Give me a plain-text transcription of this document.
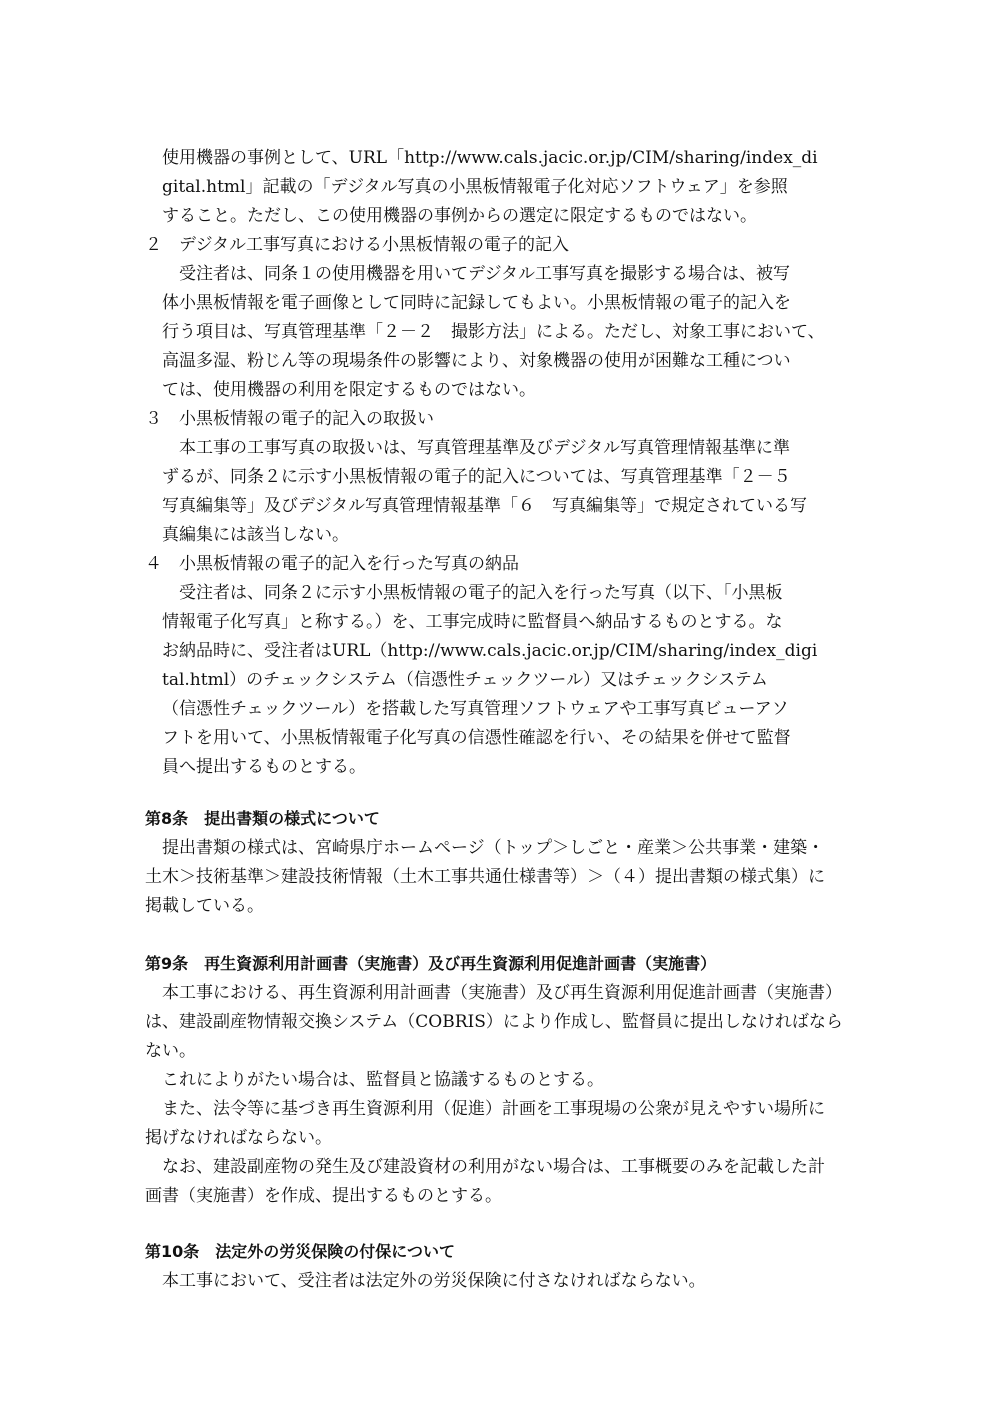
使用機器の事例として、URL「http://www.cals.jacic.or.jp/CIM/sharing/index_di
gital.html」記載の「デジタル写真の小黒板情報電子化対応ソフトウェア」を参照
すること。ただし、この使用機器の事例からの選定に限定するものではない。
２　デジタル工事写真における小黒板情報の電子的記入
受注者は、同条１の使用機器を用いてデジタル工事写真を撮影する場合は、被写
体小黒板情報を電子画像として同時に記録してもよい。小黒板情報の電子的記入を
行う項目は、写真管理基準「２－２　撮影方法」による。ただし、対象工事において、
高温多湿、粉じん等の現場条件の影響により、対象機器の使用が困難な工種につい
ては、使用機器の利用を限定するものではない。
３　小黒板情報の電子的記入の取扱い
本工事の工事写真の取扱いは、写真管理基準及びデジタル写真管理情報基準に準
ずるが、同条２に示す小黒板情報の電子的記入については、写真管理基準「２－５
写真編集等」及びデジタル写真管理情報基準「６　写真編集等」で規定されている写
真編集には該当しない。
４　小黒板情報の電子的記入を行った写真の納品
受注者は、同条２に示す小黒板情報の電子的記入を行った写真（以下、「小黒板
情報電子化写真」と称する。）を、工事完成時に監督員へ納品するものとする。な
お納品時に、受注者はURL（http://www.cals.jacic.or.jp/CIM/sharing/index_digi
tal.html）のチェックシステム（信憑性チェックツール）又はチェックシステム
（信憑性チェックツール）を搭載した写真管理ソフトウェアや工事写真ビューアソ
フトを用いて、小黒板情報電子化写真の信憑性確認を行い、その結果を併せて監督
員へ提出するものとする。
第8条　提出書類の様式について
提出書類の様式は、宮崎県庁ホームページ（トップ＞しごと・産業＞公共事業・建築・
土木＞技術基準＞建設技術情報（土木工事共通仕様書等）＞（４）提出書類の様式集）に
掲載している。
第9条　再生資源利用計画書（実施書）及び再生資源利用促進計画書（実施書）
本工事における、再生資源利用計画書（実施書）及び再生資源利用促進計画書（実施書）
は、建設副産物情報交換システム（COBRIS）により作成し、監督員に提出しなければなら
ない。
これによりがたい場合は、監督員と協議するものとする。
また、法令等に基づき再生資源利用（促進）計画を工事現場の公衆が見えやすい場所に
掲げなければならない。
なお、建設副産物の発生及び建設資材の利用がない場合は、工事概要のみを記載した計
画書（実施書）を作成、提出するものとする。
第10条　法定外の労災保険の付保について
本工事において、受注者は法定外の労災保険に付さなければならない。
